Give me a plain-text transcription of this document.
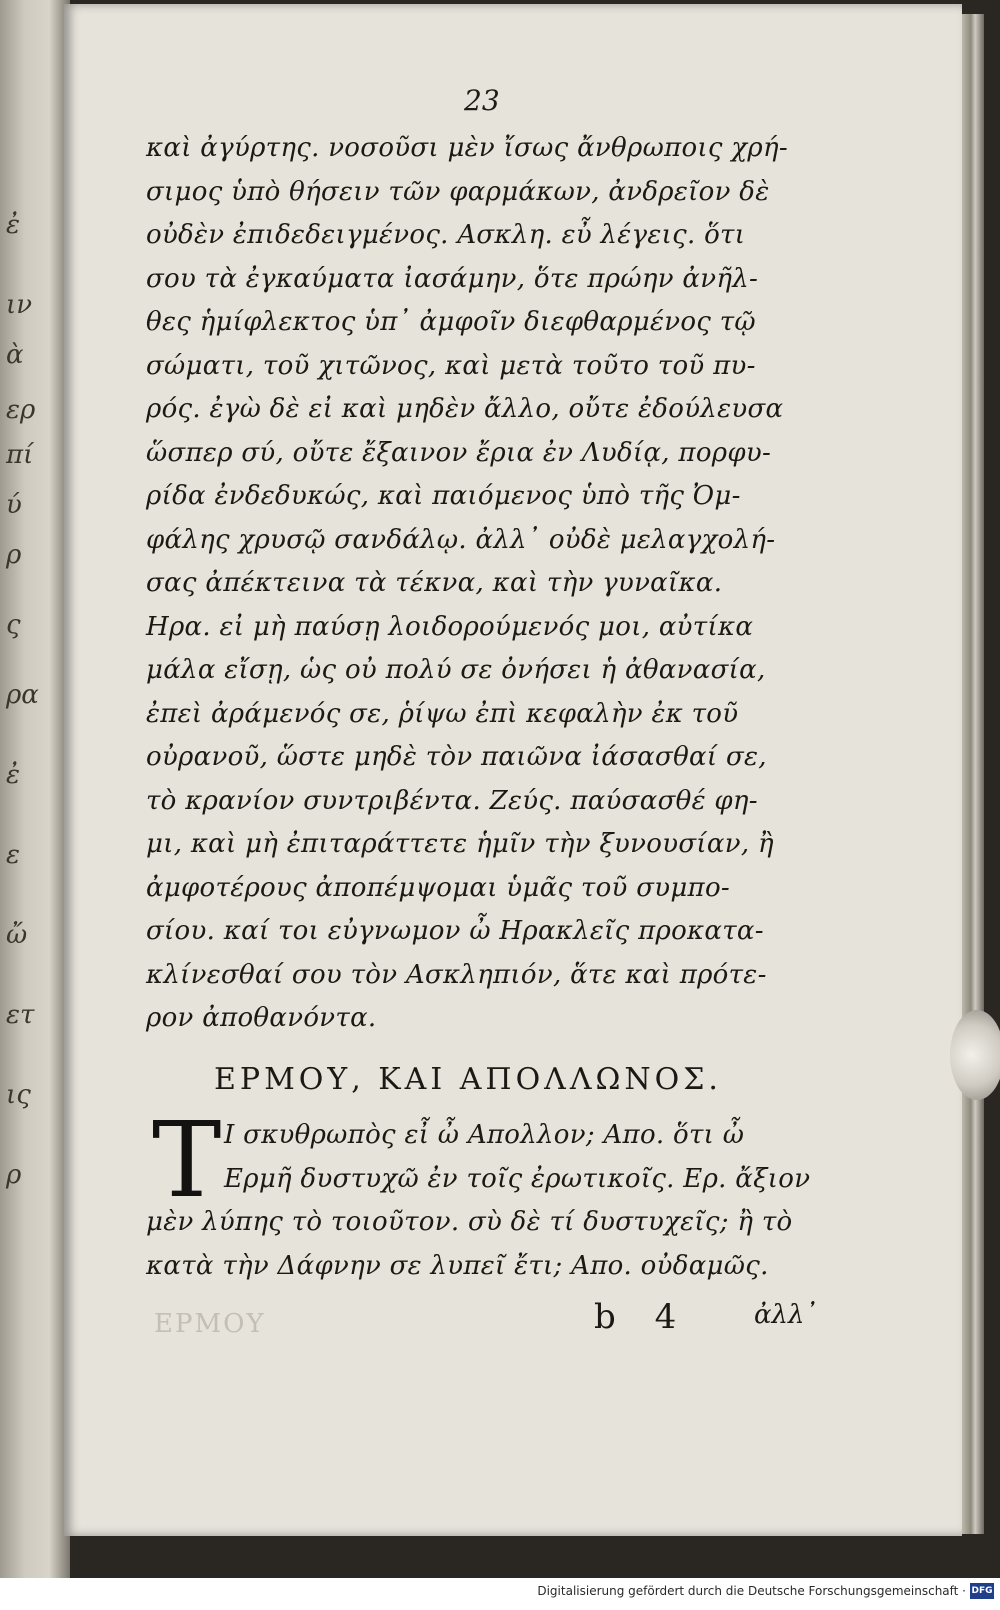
ἐ
ιν
ὰ
ερ
πί
ύ
ρ
ς
ρα
ἐ
ε
ὤ
ετ
ις
ρ
23
καὶ ἀγύρτης. νοσοῦσι μὲν ἴσως ἄνθρωποις χρή-
σιμος ὑπὸ θήσειν τῶν φαρμάκων, ἀνδρεῖον δὲ
οὐδὲν ἐπιδεδειγμένος. Ασκλη. εὖ λέγεις. ὅτι
σου τὰ ἐγκαύματα ἰασάμην, ὅτε πρώην ἀνῆλ-
θες ἡμίφλεκτος ὑπ᾽ ἀμφοῖν διεφθαρμένος τῷ
σώματι, τοῦ χιτῶνος, καὶ μετὰ τοῦτο τοῦ πυ-
ρός. ἐγὼ δὲ εἰ καὶ μηδὲν ἄλλο, οὔτε ἐδούλευσα
ὥσπερ σύ, οὔτε ἔξαινον ἔρια ἐν Λυδίᾳ, πορφυ-
ρίδα ἐνδεδυκώς, καὶ παιόμενος ὑπὸ τῆς Ὀμ-
φάλης χρυσῷ σανδάλῳ. ἀλλ᾽ οὐδὲ μελαγχολή-
σας ἀπέκτεινα τὰ τέκνα, καὶ τὴν γυναῖκα.
Ηρα. εἰ μὴ παύσῃ λοιδορούμενός μοι, αὐτίκα
μάλα εἴσῃ, ὡς οὐ πολύ σε ὀνήσει ἡ ἀθανασία,
ἐπεὶ ἀράμενός σε, ῥίψω ἐπὶ κεφαλὴν ἐκ τοῦ
οὐρανοῦ, ὥστε μηδὲ τὸν παιῶνα ἰάσασθαί σε,
τὸ κρανίον συντριβέντα. Ζεύς. παύσασθέ φη-
μι, καὶ μὴ ἐπιταράττετε ἡμῖν τὴν ξυνουσίαν, ἢ
ἀμφοτέρους ἀποπέμψομαι ὑμᾶς τοῦ συμπο-
σίου. καί τοι εὐγνωμον ὦ Ηρακλεῖς προκατα-
κλίνεσθαί σου τὸν Ασκληπιόν, ἅτε καὶ πρότε-
ρον ἀποθανόντα.
ΕΡΜΟΥ, ΚΑΙ ΑΠΟΛΛΩΝΟΣ.
T Ι σκυθρωπὸς εἶ ὦ Απολλον; Απο. ὅτι ὦ
Ερμῆ δυστυχῶ ἐν τοῖς ἐρωτικοῖς. Ερ. ἄξιον
μὲν λύπης τὸ τοιοῦτον. σὺ δὲ τί δυστυχεῖς; ἢ τὸ
κατὰ τὴν Δάφνην σε λυπεῖ ἔτι; Απο. οὐδαμῶς.
ΕΡΜΟΥ	b 4 ἀλλ᾽
Digitalisierung gefördert durch die Deutsche Forschungsgemeinschaft · DFG
